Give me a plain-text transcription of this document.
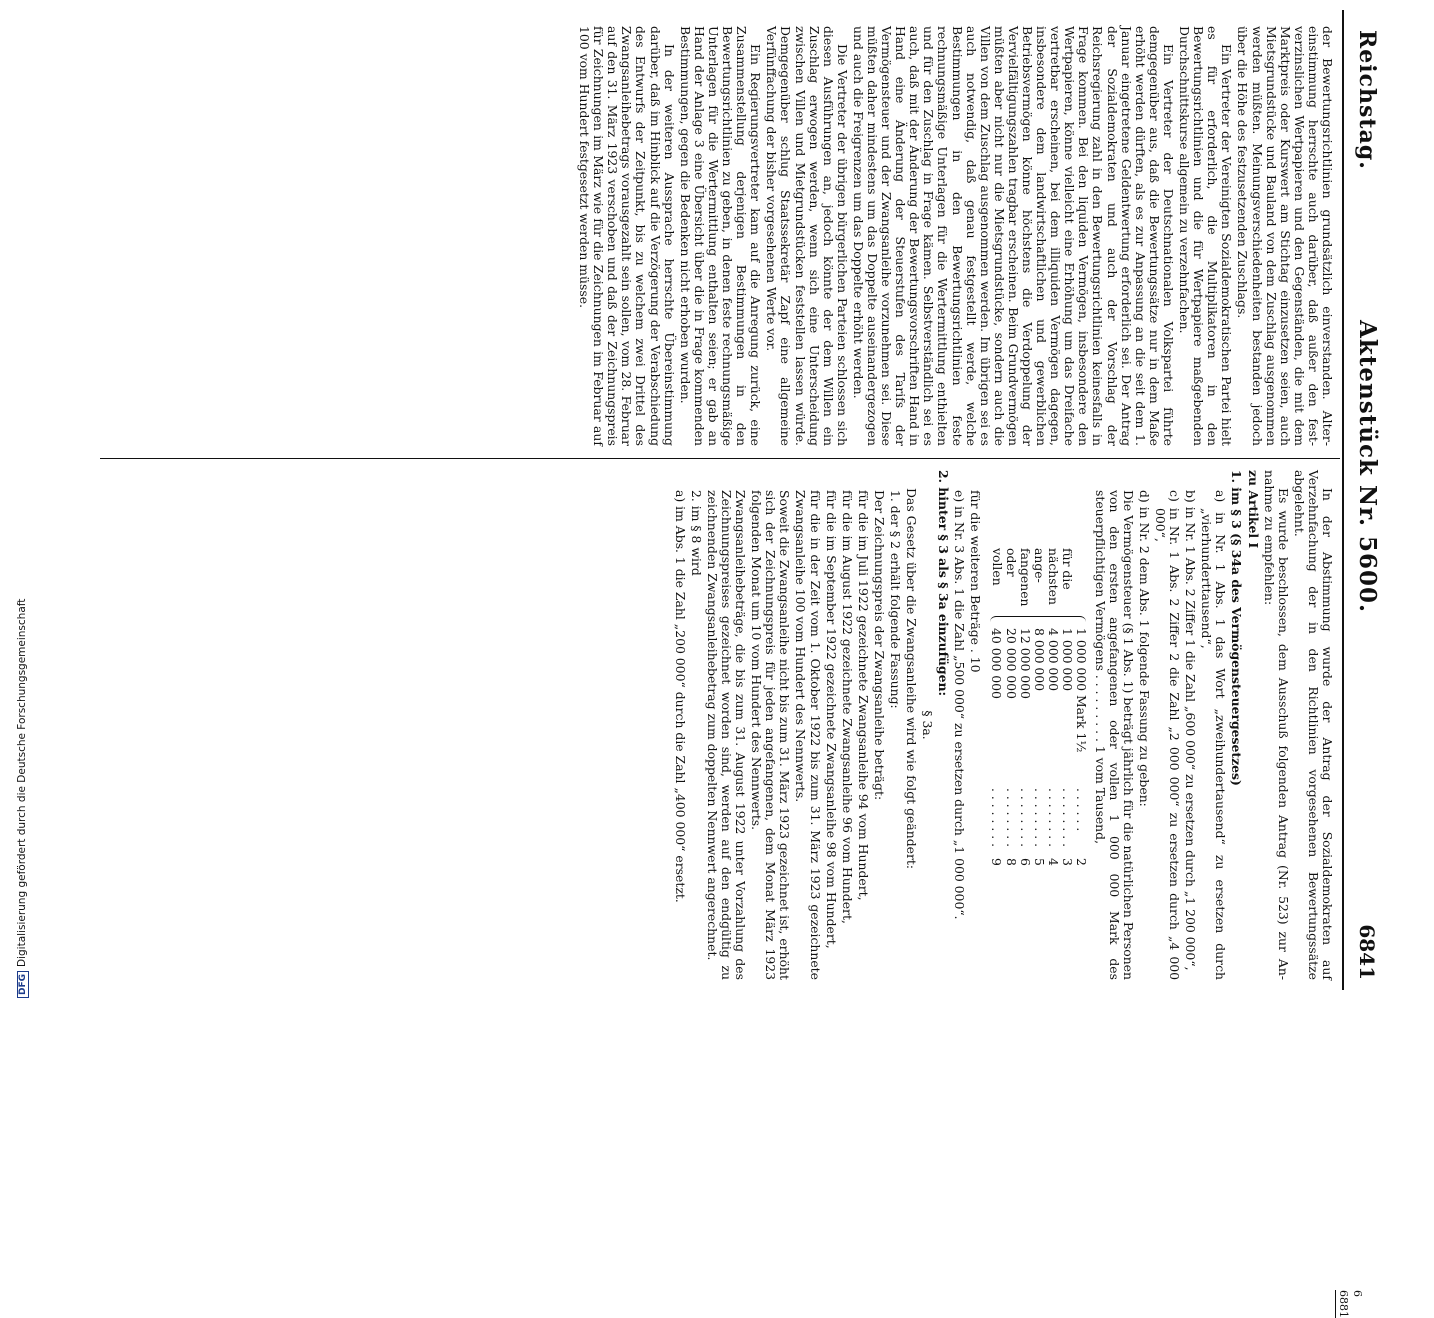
Reichstag.
Aktenstück Nr. 5600.
6841

der Bewertungsrichtlinien grundsätzlich einverstanden. Altereinstimmung herrschte auch darüber, daß außer den festverzinslichen Wertpapieren und den Gegenständen, die mit dem Marktpreis oder Kurswert am Stichtag einzusetzen seien, auch Mietsgrundstücke und Bauland von dem Zuschlag ausgenommen werden müßten. Meinungsverschiedenheiten bestanden jedoch über die Höhe des festzusetzenden Zuschlags.

Ein Vertreter der Vereinigten Sozialdemokratischen Partei hielt es für erforderlich, die Multiplikatoren in den Bewertungsrichtlinien und die für Wertpapiere maßgebenden Durchschnittskurse allgemein zu verzehnfachen.

Ein Vertreter der Deutschnationalen Volkspartei führte demgegenüber aus, daß die Bewertungssätze nur in dem Maße erhöht werden dürften, als es zur Anpassung an die seit dem 1. Januar eingetretene Geldentwertung erforderlich sei. Der Antrag der Sozialdemokraten und auch der Vorschlag der Reichsregierung zahl in den Bewertungsrichtlinien keinesfalls in Frage kommen. Bei den liquiden Vermögen, insbesondere den Wertpapieren, könne vielleicht eine Erhöhung um das Dreifache vertretbar erscheinen, bei dem illiquiden Vermögen dagegen, insbesondere dem landwirtschaftlichen und gewerblichen Betriebsvermögen könne höchstens die Verdoppelung der Vervielfältigungszahlen tragbar erscheinen. Beim Grundvermögen müßten aber nicht nur die Mietsgrundstücke, sondern auch die Villen von dem Zuschlag ausgenommen werden. Im übrigen sei es auch notwendig, daß genau festgestellt werde, welche Bestimmungen in den Bewertungsrichtlinien feste rechnungsmäßige Unterlagen für die Wertermittlung enthielten und für den Zuschlag in Frage kämen. Selbstverständlich sei es auch, daß mit der Änderung der Bewertungsvorschriften Hand in Hand eine Änderung der Steuerstufen des Tarifs der Vermögensteuer und der Zwangsanleihe vorzunehmen sei. Diese müßten daher mindestens um das Doppelte auseinandergezogen und auch die Freigrenzen um das Doppelte erhöht werden.

Die Vertreter der übrigen bürgerlichen Parteien schlossen sich diesen Ausführungen an, jedoch könnte der dem Willen ein Zuschlag erwogen werden, wenn sich eine Unterscheidung zwischen Villen und Mietgrundstücken feststellen lassen würde. Demgegenüber schlug Staatssekretär Zapf eine allgemeine Verfünffachung der bisher vorgesehenen Werte vor.

Ein Regierungsvertreter kam auf die Anregung zurück, eine Zusammenstellung derjenigen Bestimmungen in den Bewertungsrichtlinien zu geben, in denen feste rechnungsmäßige Unterlagen für die Wertermittlung enthalten seien; er gab an Hand der Anlage 3 eine Übersicht über die in Frage kommenden Bestimmungen, gegen die Bedenken nicht erhoben wurden.

In der weiteren Aussprache herrschte Übereinstimmung darüber, daß im Hinblick auf die Verzögerung der Verabschiedung des Entwurfs der Zeitpunkt, bis zu welchem zwei Drittel des Zwangsanleihebetrags vorausgezahlt sein sollen, vom 28. Februar auf den 31. März 1923 verschoben und daß der Zeichnungspreis für Zeichnungen im März wie für die Zeichnungen im Februar auf 100 vom Hundert festgesetzt werden müsse.

In der Abstimmung wurde der Antrag der Sozialdemokraten auf Verzehnfachung der in den Richtlinien vorgesehenen Bewertungssätze abgelehnt.

Es wurde beschlossen, dem Ausschuß folgenden Antrag (Nr. 523) zur Annahme zu empfehlen:

zu Artikel I

1. im § 3 (§ 34a des Vermögensteuergesetzes)

a) in Nr. 1 Abs. 1 das Wort „zweihundertausend“ zu ersetzen durch „vierhunderttausend“,

b) in Nr. 1 Abs. 2 Ziffer 1 die Zahl „600 000“ zu ersetzen durch „1 200 000“,

c) in Nr. 1 Abs. 2 Ziffer 2 die Zahl „2 000 000“ zu ersetzen durch „4 000 000“,

d) in Nr. 2 dem Abs. 1 folgende Fassung zu geben:

Die Vermögensteuer (§ 1 Abs. 1) beträgt jährlich für die natürlichen Personen von den ersten angefangenen oder vollen 1 000 000 Mark des steuerpflichtigen Vermögens . . . . . . . . . 1 vom Tausend,

für die
nächsten
ange-
fangenen
oder
vollen
1 000 000 Mark 1½
1 000 000
4 000 000
8 000 000
12 000 000
20 000 000
40 000 000
. . . . . .
. . . . . . . .
. . . . . . . .
. . . . . . . .
. . . . . . . .
. . . . . . . .
. . . . . . . .
2
3
4
5
6
8
9

für die weiteren Beträge . 10

e) in Nr. 3 Abs. 1 die Zahl „500 000“ zu ersetzen durch „1 000 000“.

2. hinter § 3 als § 3a einzufügen:

§ 3a.

Das Gesetz über die Zwangsanleihe wird wie folgt geändert:

1. der § 2 erhält folgende Fassung:

Der Zeichnungspreis der Zwangsanleihe beträgt:

für die im Juli 1922 gezeichnete Zwangsanleihe 94 vom Hundert,

für die im August 1922 gezeichnete Zwangsanleihe 96 vom Hundert,

für die im September 1922 gezeichnete Zwangsanleihe 98 vom Hundert,

für die in der Zeit vom 1. Oktober 1922 bis zum 31. März 1923 gezeichnete Zwangsanleihe 100 vom Hundert des Nennwerts.

Soweit die Zwangsanleihe nicht bis zum 31. März 1923 gezeichnet ist, erhöht sich der Zeichnungspreis für jeden angefangenen, dem Monat März 1923 folgenden Monat um 10 vom Hundert des Nennwerts.

Zwangsanleihebeträge, die bis zum 31. August 1922 unter Vorzahlung des Zeichnungspreises gezeichnet worden sind, werden auf den endgültig zu zeichnenden Zwangsanleihebetrag zum doppelten Nennwert angerechnet.

2. im § 8 wird

a) im Abs. 1 die Zahl „200 000“ durch die Zahl „400 000“ ersetzt.

6 6881
DFGDigitalisierung gefördert durch die Deutsche Forschungsgemeinschaft
